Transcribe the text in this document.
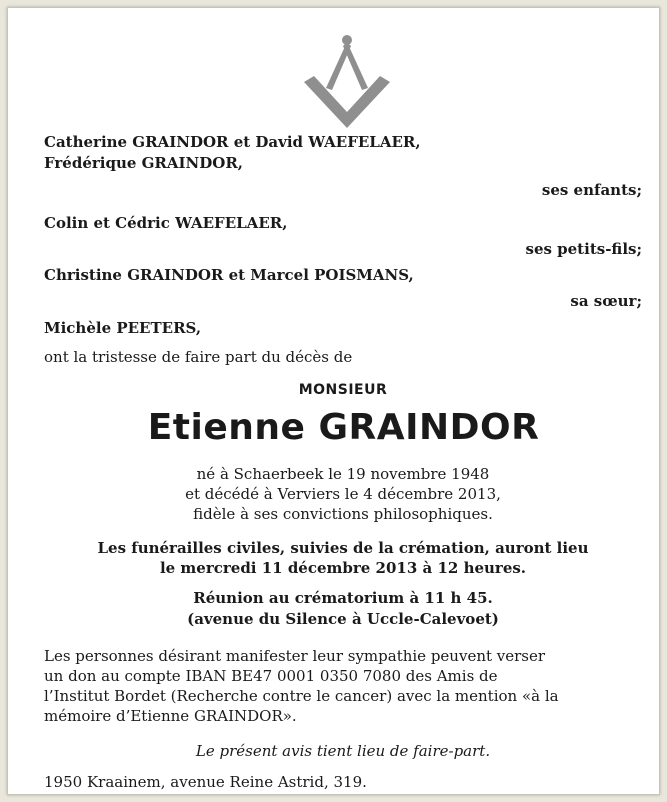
Catherine GRAINDOR et David WAEFELAER,
Frédérique GRAINDOR,
ses enfants;
Colin et Cédric WAEFELAER,
ses petits-fils;
Christine GRAINDOR et Marcel POISMANS,
sa sœur;
Michèle PEETERS,
ont la tristesse de faire part du décès de
MONSIEUR
Etienne GRAINDOR
né à Schaerbeek le 19 novembre 1948
et décédé à Verviers le 4 décembre 2013,
fidèle à ses convictions philosophiques.
Les funérailles civiles, suivies de la crémation, auront lieu
le mercredi 11 décembre 2013 à 12 heures.
Réunion au crématorium à 11 h 45.
(avenue du Silence à Uccle-Calevoet)
Les personnes désirant manifester leur sympathie peuvent verser
un don au compte IBAN BE47 0001 0350 7080 des Amis de
l’Institut Bordet (Recherche contre le cancer) avec la mention «à la
mémoire d’Etienne GRAINDOR».
Le présent avis tient lieu de faire-part.
1950 Kraainem, avenue Reine Astrid, 319.
